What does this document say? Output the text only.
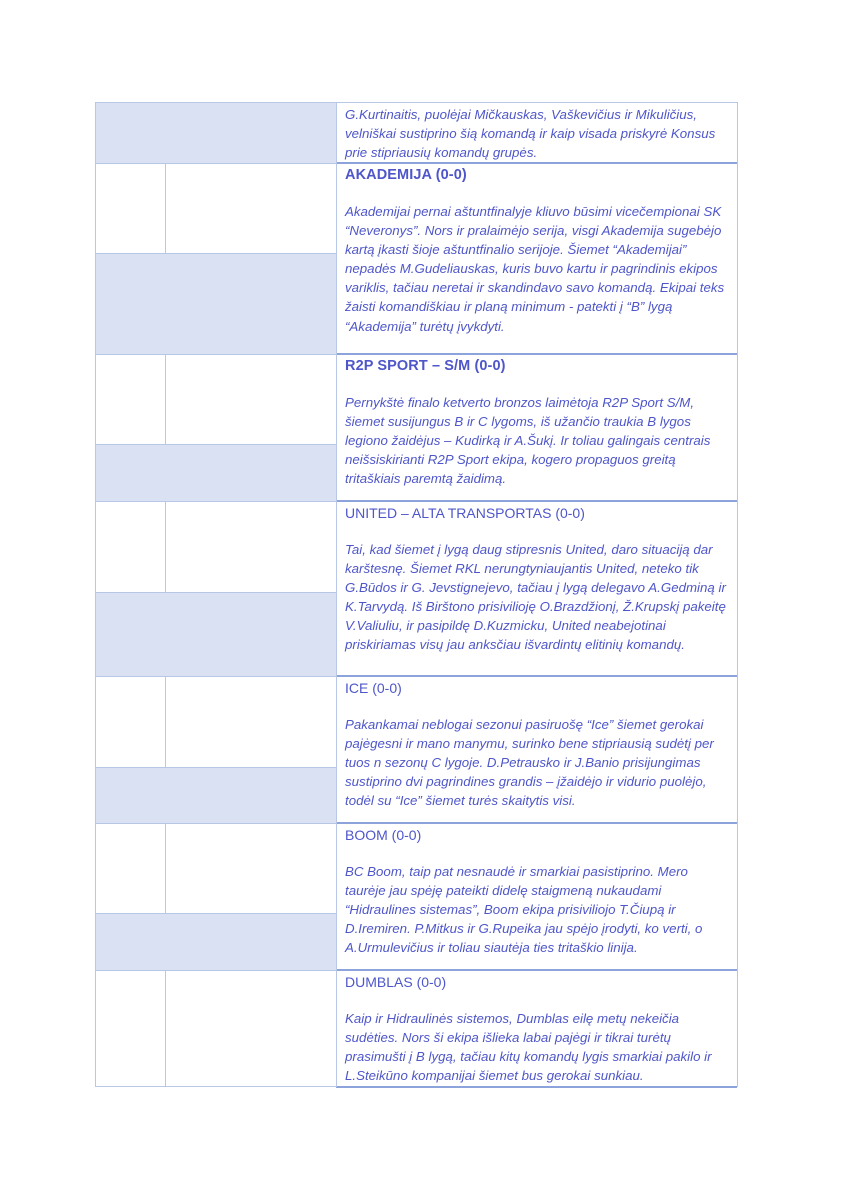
G.Kurtinaitis, puolėjai Mičkauskas, Vaškevičius ir Mikuličius, velniškai sustiprino šią komandą ir kaip visada priskyrė Konsus prie stipriausių komandų grupės.

AKADEMIJA (0-0)

Akademijai pernai aštuntfinalyje kliuvo būsimi vicečempionai SK “Neveronys”. Nors ir pralaimėjo serija, visgi Akademija sugebėjo kartą įkasti šioje aštuntfinalio serijoje. Šiemet “Akademijai” nepadės M.Gudeliauskas, kuris buvo kartu ir pagrindinis ekipos variklis, tačiau neretai ir skandindavo savo komandą. Ekipai teks žaisti komandiškiau ir planą minimum - patekti į “B” lygą “Akademija” turėtų įvykdyti.

R2P SPORT – S/M (0-0)

Pernykštė finalo ketverto bronzos laimėtoja R2P Sport S/M, šiemet susijungus B ir C lygoms, iš užančio traukia B lygos legiono žaidėjus – Kudirką ir A.Šukį. Ir toliau galingais centrais neišsiskirianti R2P Sport ekipa, kogero propaguos greitą tritaškiais paremtą žaidimą.

UNITED – ALTA TRANSPORTAS (0-0)

Tai, kad šiemet į lygą daug stipresnis United, daro situaciją dar karštesnę. Šiemet RKL nerungtyniaujantis United, neteko tik G.Būdos ir G. Jevstignejevo, tačiau į lygą delegavo A.Gedminą ir K.Tarvydą. Iš Birštono prisivilioję O.Brazdžionį, Ž.Krupskį pakeitę V.Valiuliu, ir pasipildę D.Kuzmicku, United neabejotinai priskiriamas visų jau anksčiau išvardintų elitinių komandų.

ICE (0-0)

Pakankamai neblogai sezonui pasiruošę “Ice” šiemet gerokai pajėgesni ir mano manymu, surinko bene stipriausią sudėtį per tuos n sezonų C lygoje. D.Petrausko ir J.Banio prisijungimas sustiprino dvi pagrindines grandis – įžaidėjo ir vidurio puolėjo, todėl su “Ice” šiemet turės skaitytis visi.

BOOM (0-0)

BC Boom, taip pat nesnaudė ir smarkiai pasistiprino. Mero taurėje jau spėję pateikti didelę staigmeną nukaudami “Hidraulines sistemas”, Boom ekipa prisiviliojo T.Čiupą ir D.Iremiren. P.Mitkus ir G.Rupeika jau spėjo įrodyti, ko verti, o A.Urmulevičius ir toliau siautėja ties tritaškio linija.

DUMBLAS (0-0)

Kaip ir Hidraulinės sistemos, Dumblas eilę metų nekeičia sudėties. Nors ši ekipa išlieka labai pajėgi ir tikrai turėtų prasimušti į B lygą, tačiau kitų komandų lygis smarkiai pakilo ir L.Steikūno kompanijai šiemet bus gerokai sunkiau.
